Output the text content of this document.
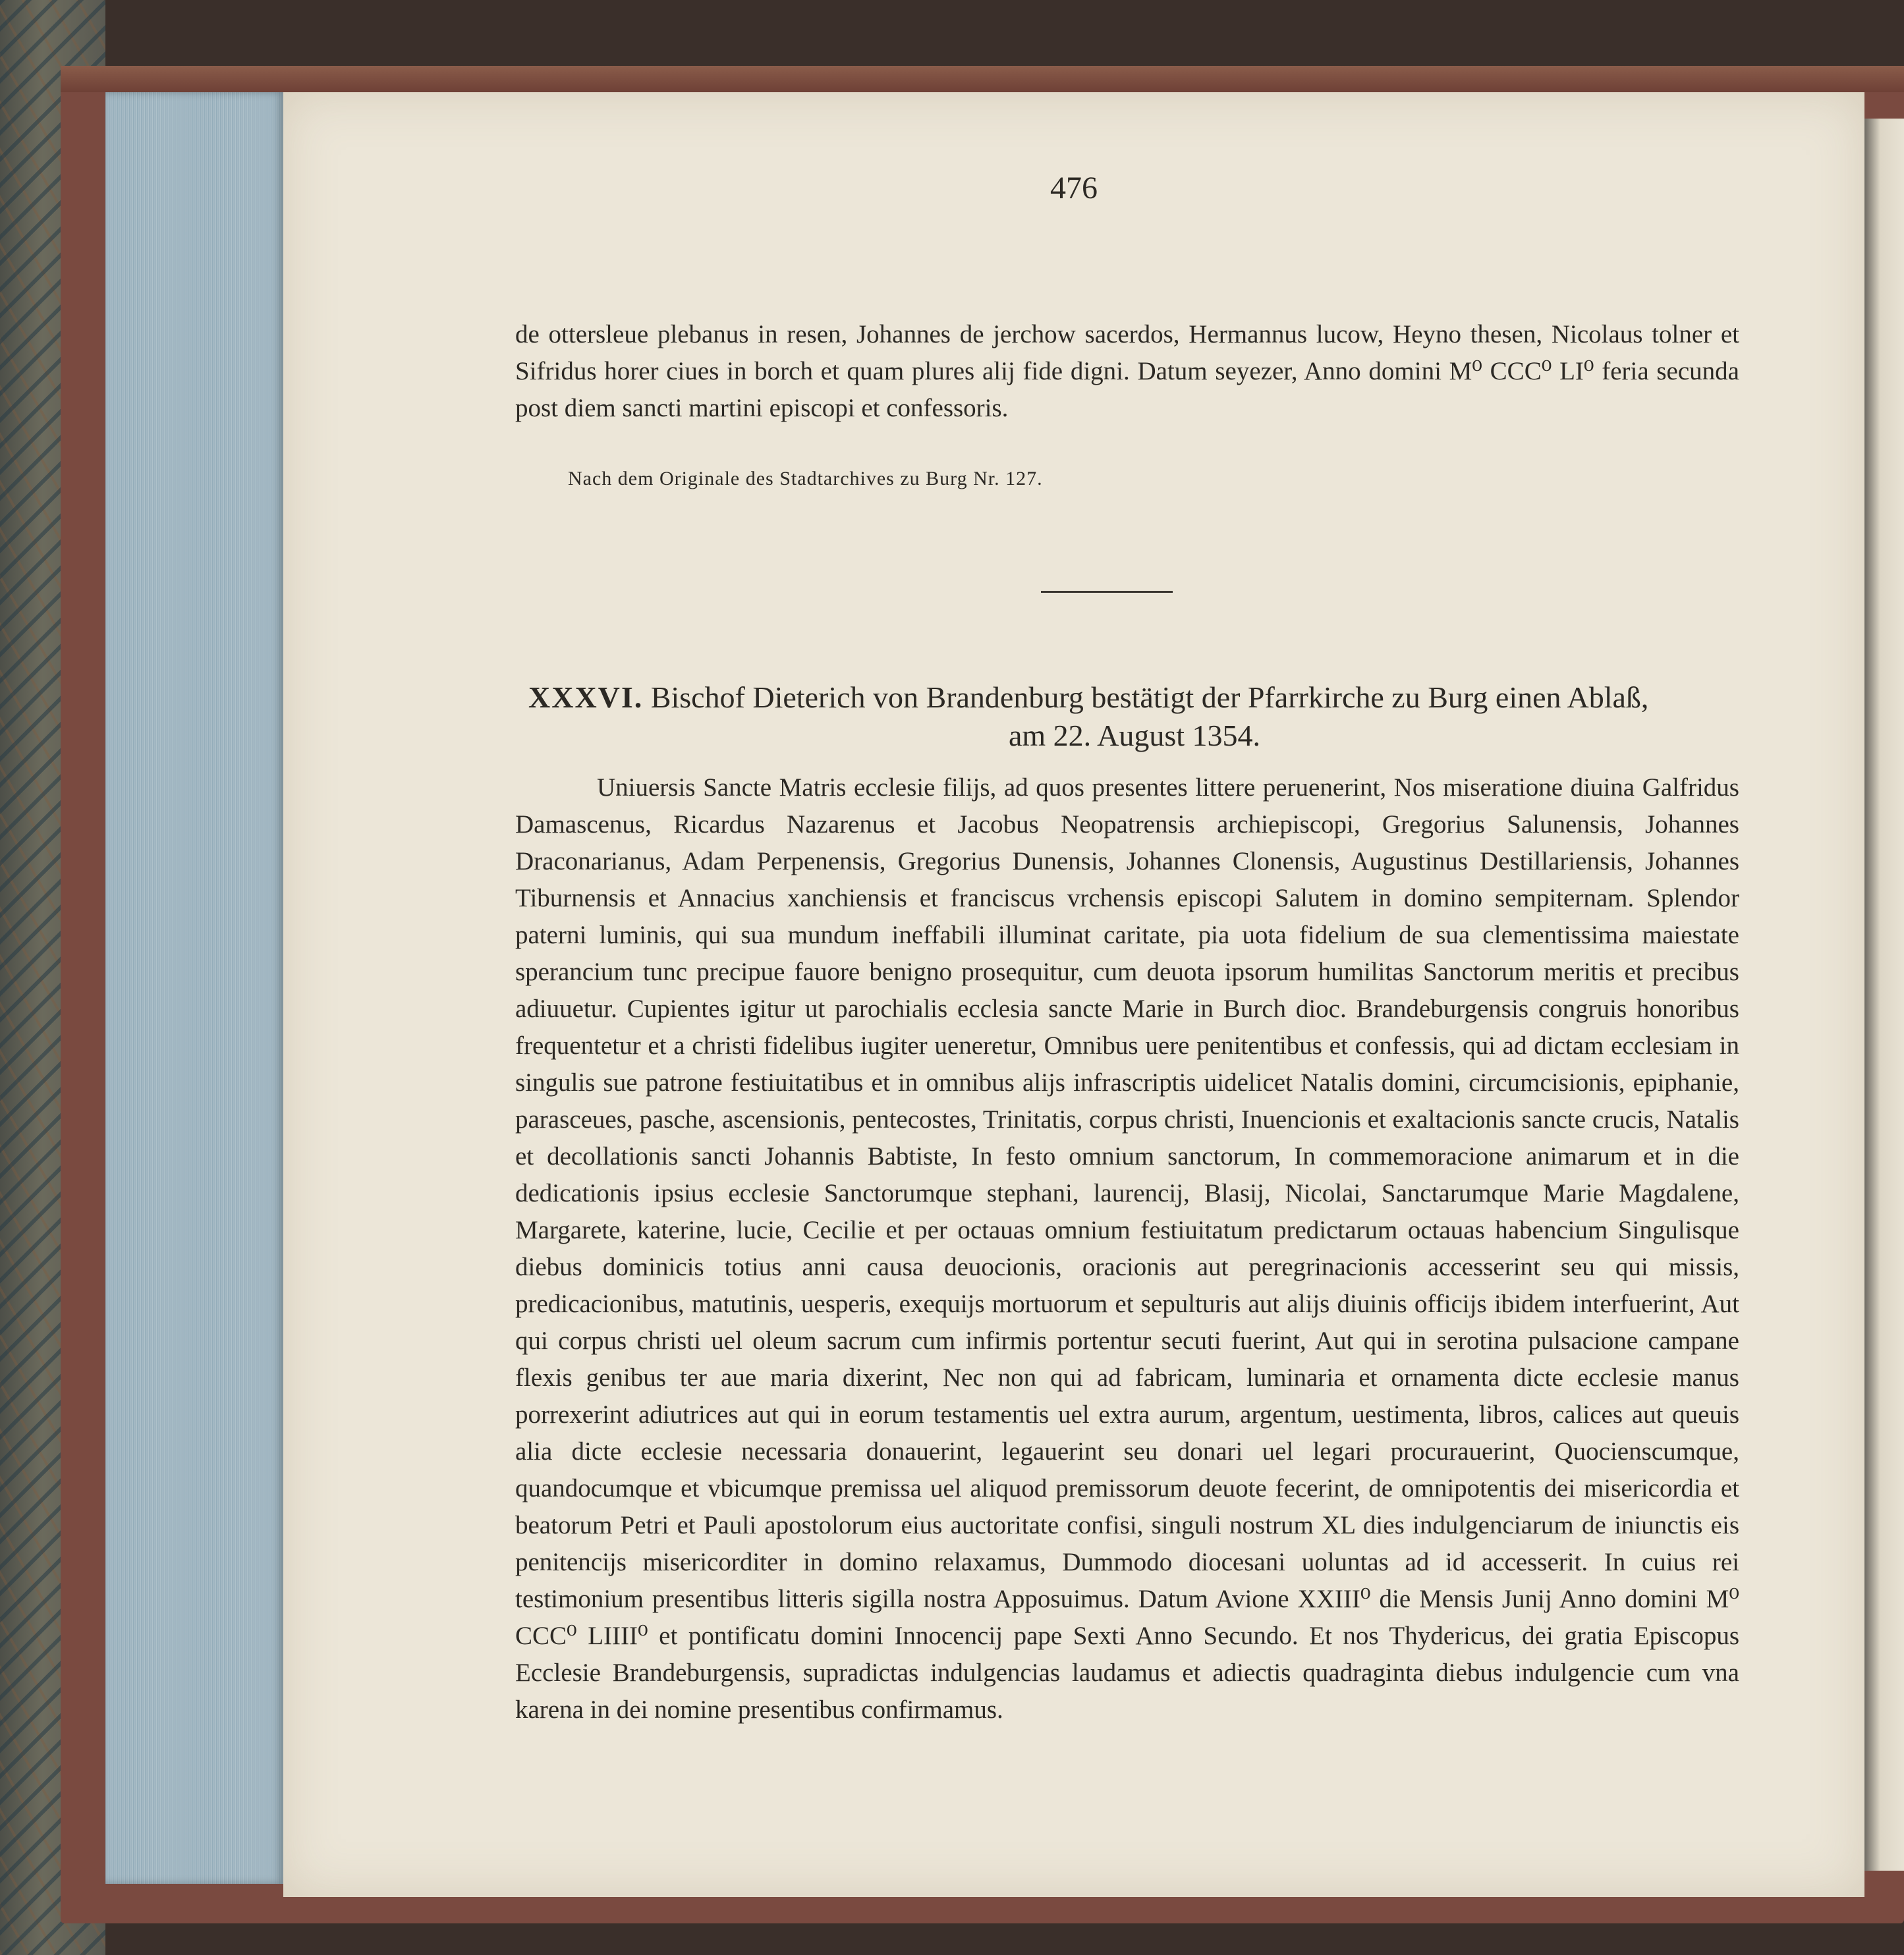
476

de ottersleue plebanus in resen, Johannes de jerchow sacerdos, Hermannus lucow, Heyno thesen, Nicolaus tolner et Sifridus horer ciues in borch et quam plures alij fide digni. Datum seyezer, Anno domini M⁰ CCC⁰ LI⁰ feria secunda post diem sancti martini episcopi et confessoris.

Nach dem Originale des Stadtarchives zu Burg Nr. 127.
XXXVI. Bischof Dieterich von Brandenburg bestätigt der Pfarrkirche zu Burg einen Ablaß,
am 22. August 1354.

Uniuersis Sancte Matris ecclesie filijs, ad quos presentes littere peruenerint, Nos miseratione diuina Galfridus Damascenus, Ricardus Nazarenus et Jacobus Neopatrensis archiepiscopi, Gregorius Salunensis, Johannes Draconarianus, Adam Perpenensis, Gregorius Dunensis, Johannes Clonensis, Augustinus Destillariensis, Johannes Tiburnensis et Annacius xanchiensis et franciscus vrchensis episcopi Salutem in domino sempiternam. Splendor paterni luminis, qui sua mundum ineffabili illuminat caritate, pia uota fidelium de sua clementissima maiestate sperancium tunc precipue fauore benigno prosequitur, cum deuota ipsorum humilitas Sanctorum meritis et precibus adiuuetur. Cupientes igitur ut parochialis ecclesia sancte Marie in Burch dioc. Brandeburgensis congruis honoribus frequentetur et a christi fidelibus iugiter ueneretur, Omnibus uere penitentibus et confessis, qui ad dictam ecclesiam in singulis sue patrone festiuitatibus et in omnibus alijs infrascriptis uidelicet Natalis domini, circumcisionis, epiphanie, parasceues, pasche, ascensionis, pentecostes, Trinitatis, corpus christi, Inuencionis et exaltacionis sancte crucis, Natalis et decollationis sancti Johannis Babtiste, In festo omnium sanctorum, In commemoracione animarum et in die dedicationis ipsius ecclesie Sanctorumque stephani, laurencij, Blasij, Nicolai, Sanctarumque Marie Magdalene, Margarete, katerine, lucie, Cecilie et per octauas omnium festiuitatum predictarum octauas habencium Singulisque diebus dominicis totius anni causa deuocionis, oracionis aut peregrinacionis accesserint seu qui missis, predicacionibus, matutinis, uesperis, exequijs mortuorum et sepulturis aut alijs diuinis officijs ibidem interfuerint, Aut qui corpus christi uel oleum sacrum cum infirmis portentur secuti fuerint, Aut qui in serotina pulsacione campane flexis genibus ter aue maria dixerint, Nec non qui ad fabricam, luminaria et ornamenta dicte ecclesie manus porrexerint adiutrices aut qui in eorum testamentis uel extra aurum, argentum, uestimenta, libros, calices aut queuis alia dicte ecclesie necessaria donauerint, legauerint seu donari uel legari procurauerint, Quocienscumque, quandocumque et vbicumque premissa uel aliquod premissorum deuote fecerint, de omnipotentis dei misericordia et beatorum Petri et Pauli apostolorum eius auctoritate confisi, singuli nostrum XL dies indulgenciarum de iniunctis eis penitencijs misericorditer in domino relaxamus, Dummodo diocesani uoluntas ad id accesserit. In cuius rei testimonium presentibus litteris sigilla nostra Apposuimus. Datum Avione XXIII⁰ die Mensis Junij Anno domini M⁰ CCC⁰ LIIII⁰ et pontificatu domini Innocencij pape Sexti Anno Secundo. Et nos Thydericus, dei gratia Episcopus Ecclesie Brandeburgensis, supradictas indulgencias laudamus et adiectis quadraginta diebus indulgencie cum vna karena in dei nomine presentibus confirmamus.
